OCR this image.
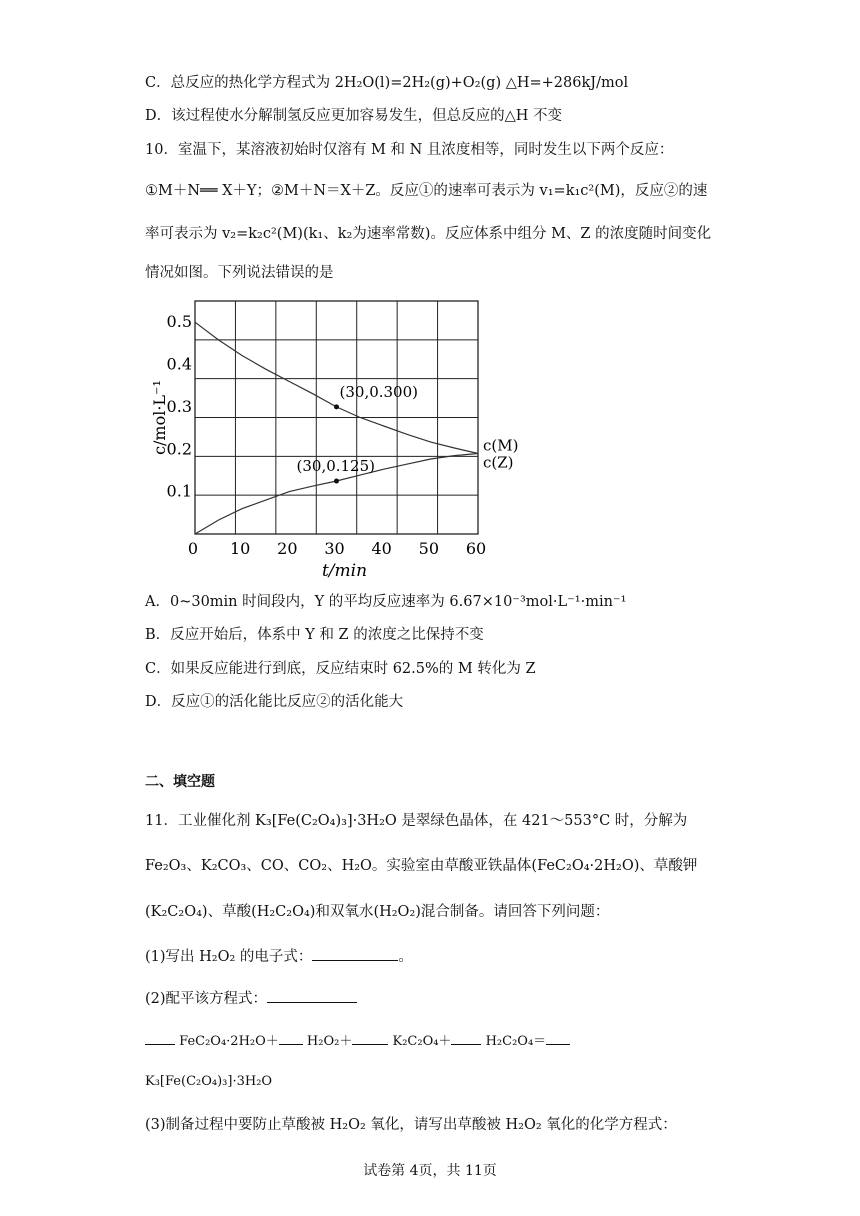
C．总反应的热化学方程式为 2H₂O(l)=2H₂(g)+O₂(g) △H=+286kJ/mol
D．该过程使水分解制氢反应更加容易发生，但总反应的△H 不变
10．室温下，某溶液初始时仅溶有 M 和 N 且浓度相等，同时发生以下两个反应：
①M＋N══ X＋Y；②M＋N＝X＋Z。反应①的速率可表示为 v₁=k₁c²(M)，反应②的速
率可表示为 v₂=k₂c²(M)(k₁、k₂为速率常数)。反应体系中组分 M、Z 的浓度随时间变化
情况如图。下列说法错误的是
c(M)
c(Z)
(30,0.300)
(30,0.125)
0 10 20 30 40 50 60
0.1
0.2
0.3
0.4
0.5
t/min
c/mol·L⁻¹
A．0~30min 时间段内，Y 的平均反应速率为 6.67×10⁻³mol·L⁻¹·min⁻¹
B．反应开始后，体系中 Y 和 Z 的浓度之比保持不变
C．如果反应能进行到底，反应结束时 62.5%的 M 转化为 Z
D．反应①的活化能比反应②的活化能大
二、填空题
11．工业催化剂 K₃[Fe(C₂O₄)₃]·3H₂O 是翠绿色晶体，在 421～553°C 时，分解为
Fe₂O₃、K₂CO₃、CO、CO₂、H₂O。实验室由草酸亚铁晶体(FeC₂O₄·2H₂O)、草酸钾
(K₂C₂O₄)、草酸(H₂C₂O₄)和双氧水(H₂O₂)混合制备。请回答下列问题：
(1)写出 H₂O₂ 的电子式：	。
(2)配平该方程式：
FeC₂O₄·2H₂O＋ H₂O₂＋	K₂C₂O₄＋	H₂C₂O₄＝
K₃[Fe(C₂O₄)₃]·3H₂O
(3)制备过程中要防止草酸被 H₂O₂ 氧化，请写出草酸被 H₂O₂ 氧化的化学方程式：
试卷第 4页，共 11页
